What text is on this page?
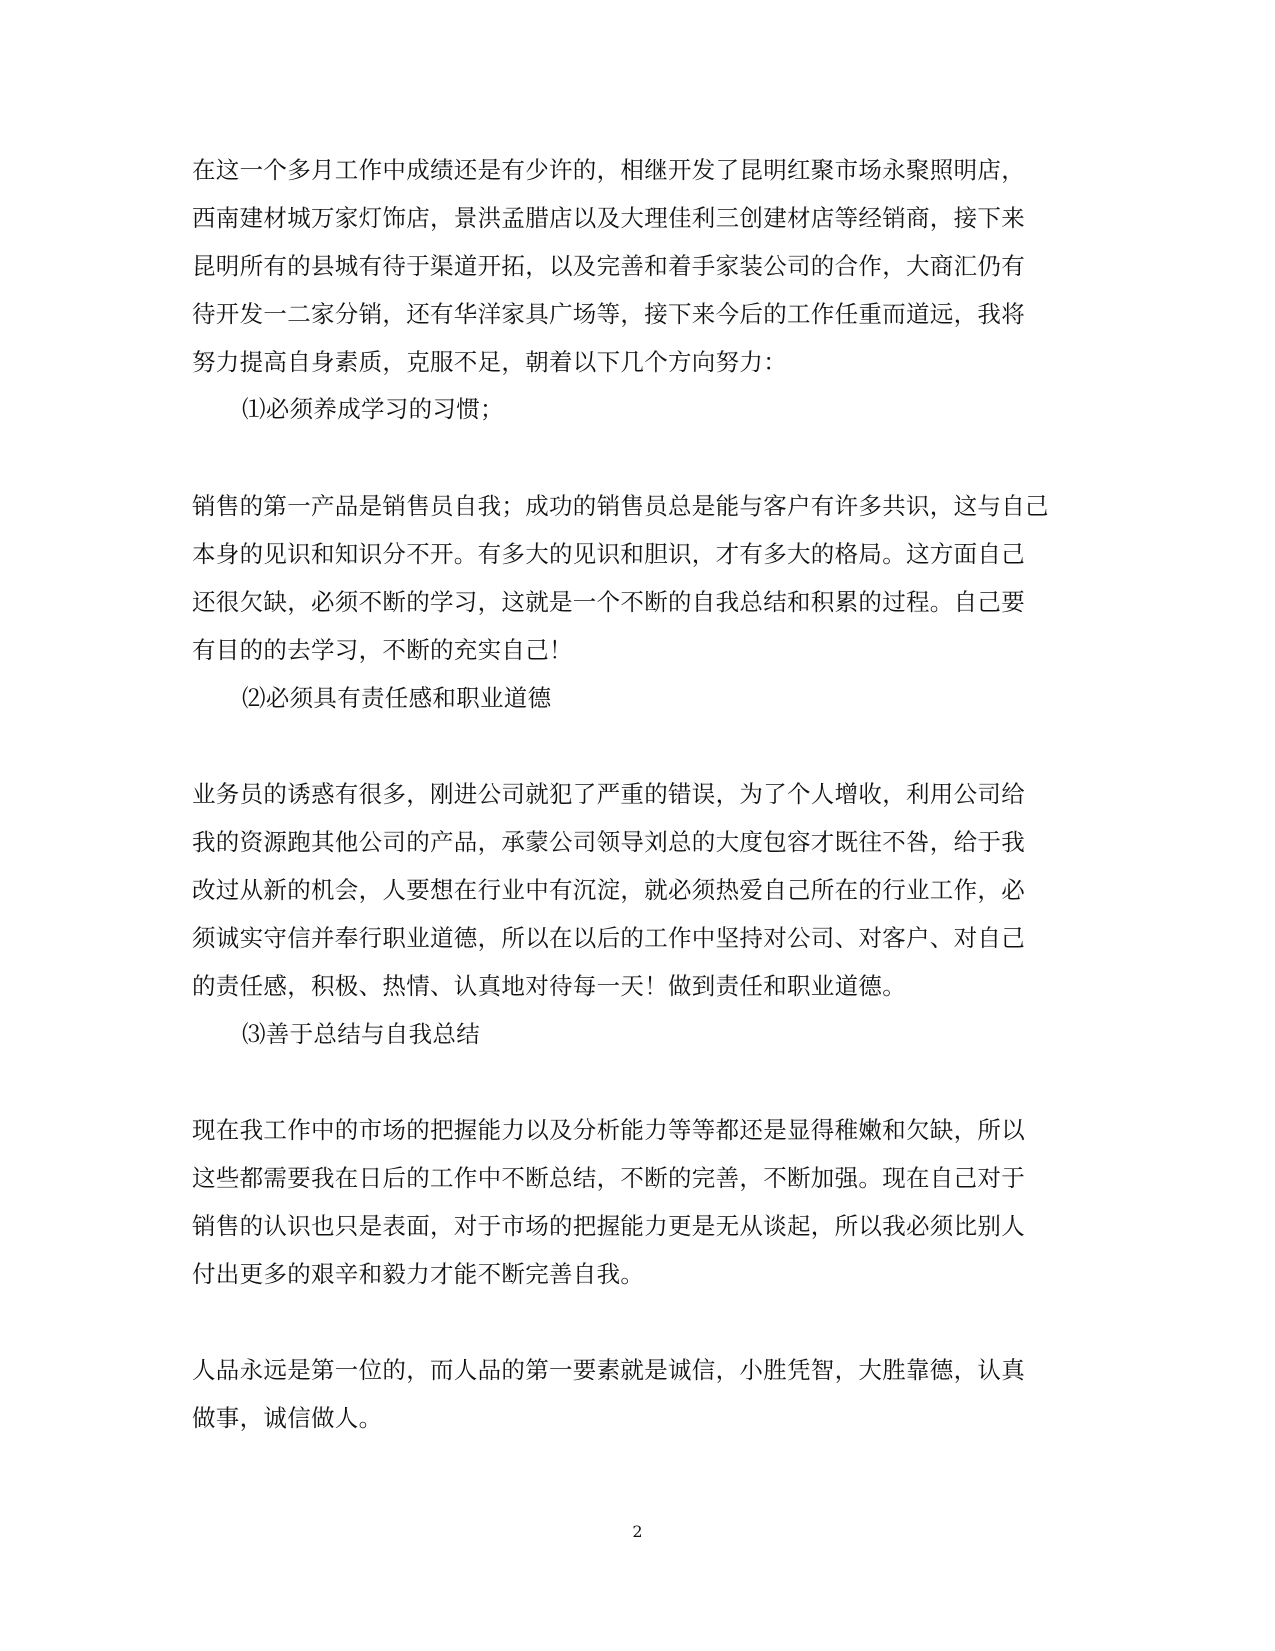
在这一个多月工作中成绩还是有少许的，相继开发了昆明红聚市场永聚照明店，
西南建材城万家灯饰店，景洪孟腊店以及大理佳利三创建材店等经销商，接下来
昆明所有的县城有待于渠道开拓，以及完善和着手家装公司的合作，大商汇仍有
待开发一二家分销，还有华洋家具广场等，接下来今后的工作任重而道远，我将
努力提高自身素质，克服不足，朝着以下几个方向努力：
⑴必须养成学习的习惯；
销售的第一产品是销售员自我；成功的销售员总是能与客户有许多共识，这与自己
本身的见识和知识分不开。有多大的见识和胆识，才有多大的格局。这方面自己
还很欠缺，必须不断的学习，这就是一个不断的自我总结和积累的过程。自己要
有目的的去学习，不断的充实自己！
⑵必须具有责任感和职业道德
业务员的诱惑有很多，刚进公司就犯了严重的错误，为了个人增收，利用公司给
我的资源跑其他公司的产品，承蒙公司领导刘总的大度包容才既往不咎，给于我
改过从新的机会，人要想在行业中有沉淀，就必须热爱自己所在的行业工作，必
须诚实守信并奉行职业道德，所以在以后的工作中坚持对公司、对客户、对自己
的责任感，积极、热情、认真地对待每一天！做到责任和职业道德。
⑶善于总结与自我总结
现在我工作中的市场的把握能力以及分析能力等等都还是显得稚嫩和欠缺，所以
这些都需要我在日后的工作中不断总结，不断的完善，不断加强。现在自己对于
销售的认识也只是表面，对于市场的把握能力更是无从谈起，所以我必须比别人
付出更多的艰辛和毅力才能不断完善自我。
人品永远是第一位的，而人品的第一要素就是诚信，小胜凭智，大胜靠德，认真
做事，诚信做人。
2
